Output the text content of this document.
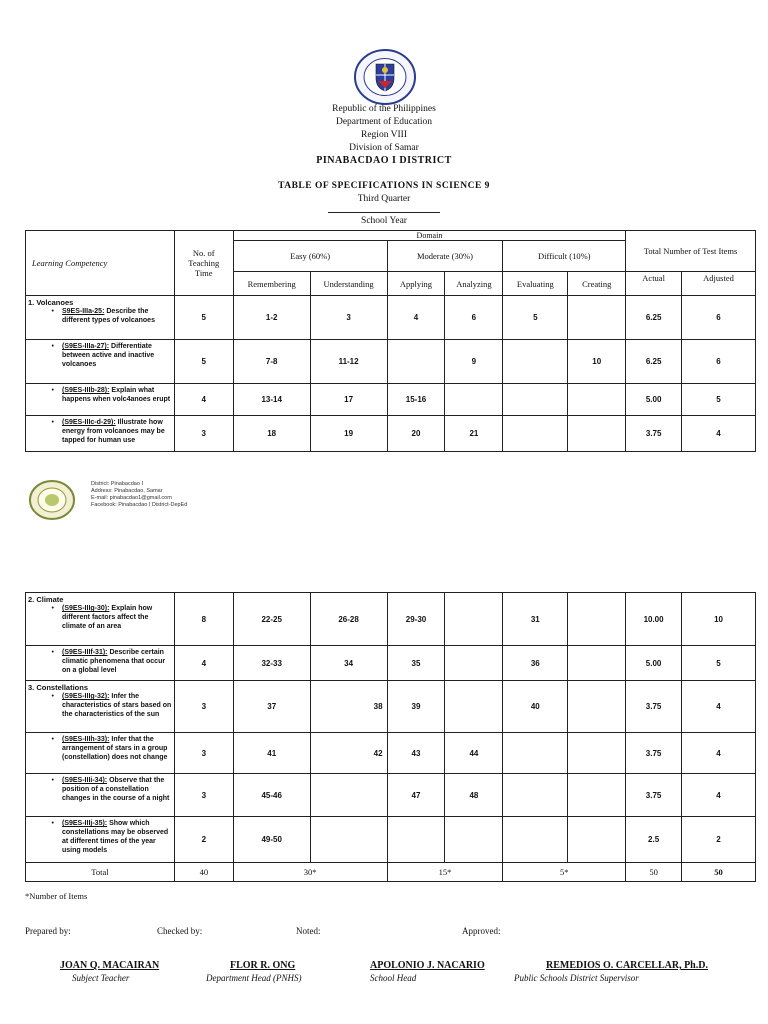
Republic of the Philippines
Department of Education
Region VIII
Division of Samar
PINABACDAO I DISTRICT
TABLE OF SPECIFICATIONS IN SCIENCE 9
Third Quarter
School Year
Learning Competency	No. of Teaching Time	Domain						Total Number of Test Items	
		Easy (60%)		Moderate (30%)		Difficult (10%)			
		Remembering	Understanding	Applying	Analyzing	Evaluating	Creating	Actual	Adjusted

1. Volcanoes
• S9ES-IIIa-25: Describe the different types of volcanoes	5	1-2	3	4	6	5		6.25	6

• (S9ES-IIIa-27): Differentiate between active and inactive volcanoes	5	7-8	11-12		9		10	6.25	6

• (S9ES-IIIb-28): Explain what happens when volc4anoes erupt	4	13-14	17	15-16				5.00	5

• (S9ES-IIIc-d-29): Illustrate how energy from volcanoes may be tapped for human use	3	18	19	20	21			3.75	4
District: Pinabacdao I
Address: Pinabacdao, Samar
E-mail: pinabacdao1@gmail.com
Facebook: Pinabacdao I District-DepEd
2. Climate
• (S9ES-IIIg-30): Explain how different factors affect the climate of an area	8	22-25	26-28	29-30		31		10.00	10

• (S9ES-IIIf-31): Describe certain climatic phenomena that occur on a global level	4	32-33	34	35		36		5.00	5

3. Constellations
• (S9ES-IIIg-32): Infer the characteristics of stars based on the characteristics of the sun	3	37	38	39		40		3.75	4

• (S9ES-IIIh-33): Infer that the arrangement of stars in a group (constellation) does not change	3	41	42	43	44			3.75	4

• (S9ES-IIIi-34): Observe that the position of a constellation changes in the course of a night	3	45-46		47	48			3.75	4

• (S9ES-IIIj-35): Show which constellations may be observed at different times of the year using models	2	49-50						2.5	2
Total	40	30*		15*		5*		50	50
*Number of Items
Prepared by:	Checked by:	Noted:	Approved:
JOAN Q. MACAIRAN
Subject Teacher
FLOR R. ONG
Department Head (PNHS)
APOLONIO J. NACARIO
School Head
REMEDIOS O. CARCELLAR, Ph.D.
Public Schools District Supervisor
